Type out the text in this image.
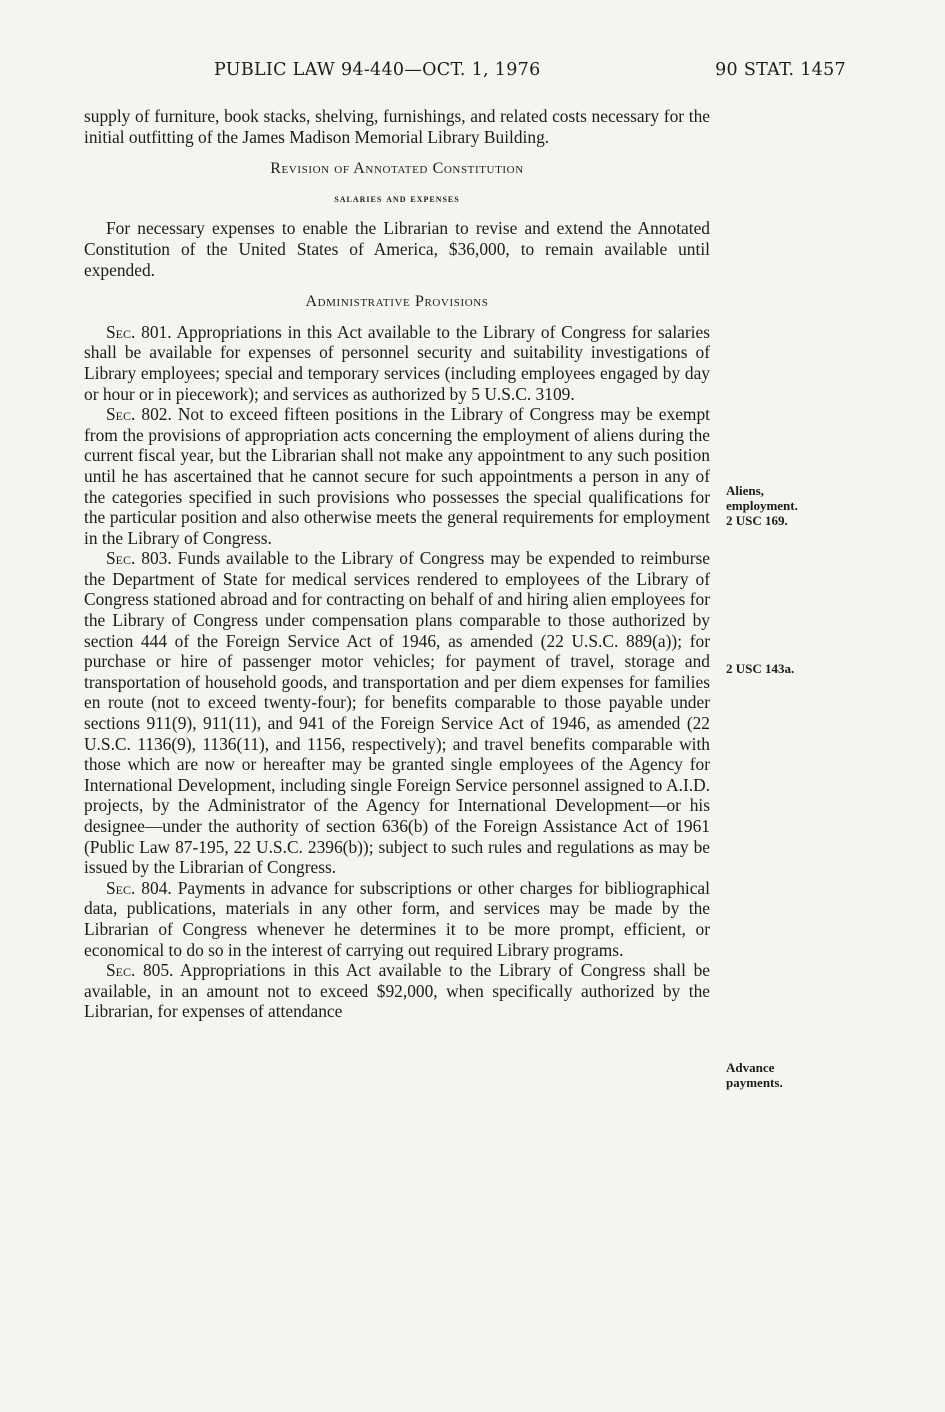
PUBLIC LAW 94-440—OCT. 1, 1976	90 STAT. 1457

supply of furniture, book stacks, shelving, furnishings, and related costs necessary for the initial outfitting of the James Madison Memorial Library Building.

Revision of Annotated Constitution

salaries and expenses

For necessary expenses to enable the Librarian to revise and extend the Annotated Constitution of the United States of America, $36,000, to remain available until expended.

Administrative Provisions

Sec. 801. Appropriations in this Act available to the Library of Congress for salaries shall be available for expenses of personnel security and suitability investigations of Library employees; special and temporary services (including employees engaged by day or hour or in piecework); and services as authorized by 5 U.S.C. 3109.

Sec. 802. Not to exceed fifteen positions in the Library of Congress may be exempt from the provisions of appropriation acts concerning the employment of aliens during the current fiscal year, but the Librarian shall not make any appointment to any such position until he has ascertained that he cannot secure for such appointments a person in any of the categories specified in such provisions who possesses the special qualifications for the particular position and also otherwise meets the general requirements for employment in the Library of Congress.

Sec. 803. Funds available to the Library of Congress may be expended to reimburse the Department of State for medical services rendered to employees of the Library of Congress stationed abroad and for contracting on behalf of and hiring alien employees for the Library of Congress under compensation plans comparable to those authorized by section 444 of the Foreign Service Act of 1946, as amended (22 U.S.C. 889(a)); for purchase or hire of passenger motor vehicles; for payment of travel, storage and transportation of household goods, and transportation and per diem expenses for families en route (not to exceed twenty-four); for benefits comparable to those payable under sections 911(9), 911(11), and 941 of the Foreign Service Act of 1946, as amended (22 U.S.C. 1136(9), 1136(11), and 1156, respectively); and travel benefits comparable with those which are now or hereafter may be granted single employees of the Agency for International Development, including single Foreign Service personnel assigned to A.I.D. projects, by the Administrator of the Agency for International Development—or his designee—under the authority of section 636(b) of the Foreign Assistance Act of 1961 (Public Law 87-195, 22 U.S.C. 2396(b)); subject to such rules and regulations as may be issued by the Librarian of Congress.

Sec. 804. Payments in advance for subscriptions or other charges for bibliographical data, publications, materials in any other form, and services may be made by the Librarian of Congress whenever he determines it to be more prompt, efficient, or economical to do so in the interest of carrying out required Library programs.

Sec. 805. Appropriations in this Act available to the Library of Congress shall be available, in an amount not to exceed $92,000, when specifically authorized by the Librarian, for expenses of attendance

Aliens,
employment.
2 USC 169.
2 USC 143a.
Advance
payments.
